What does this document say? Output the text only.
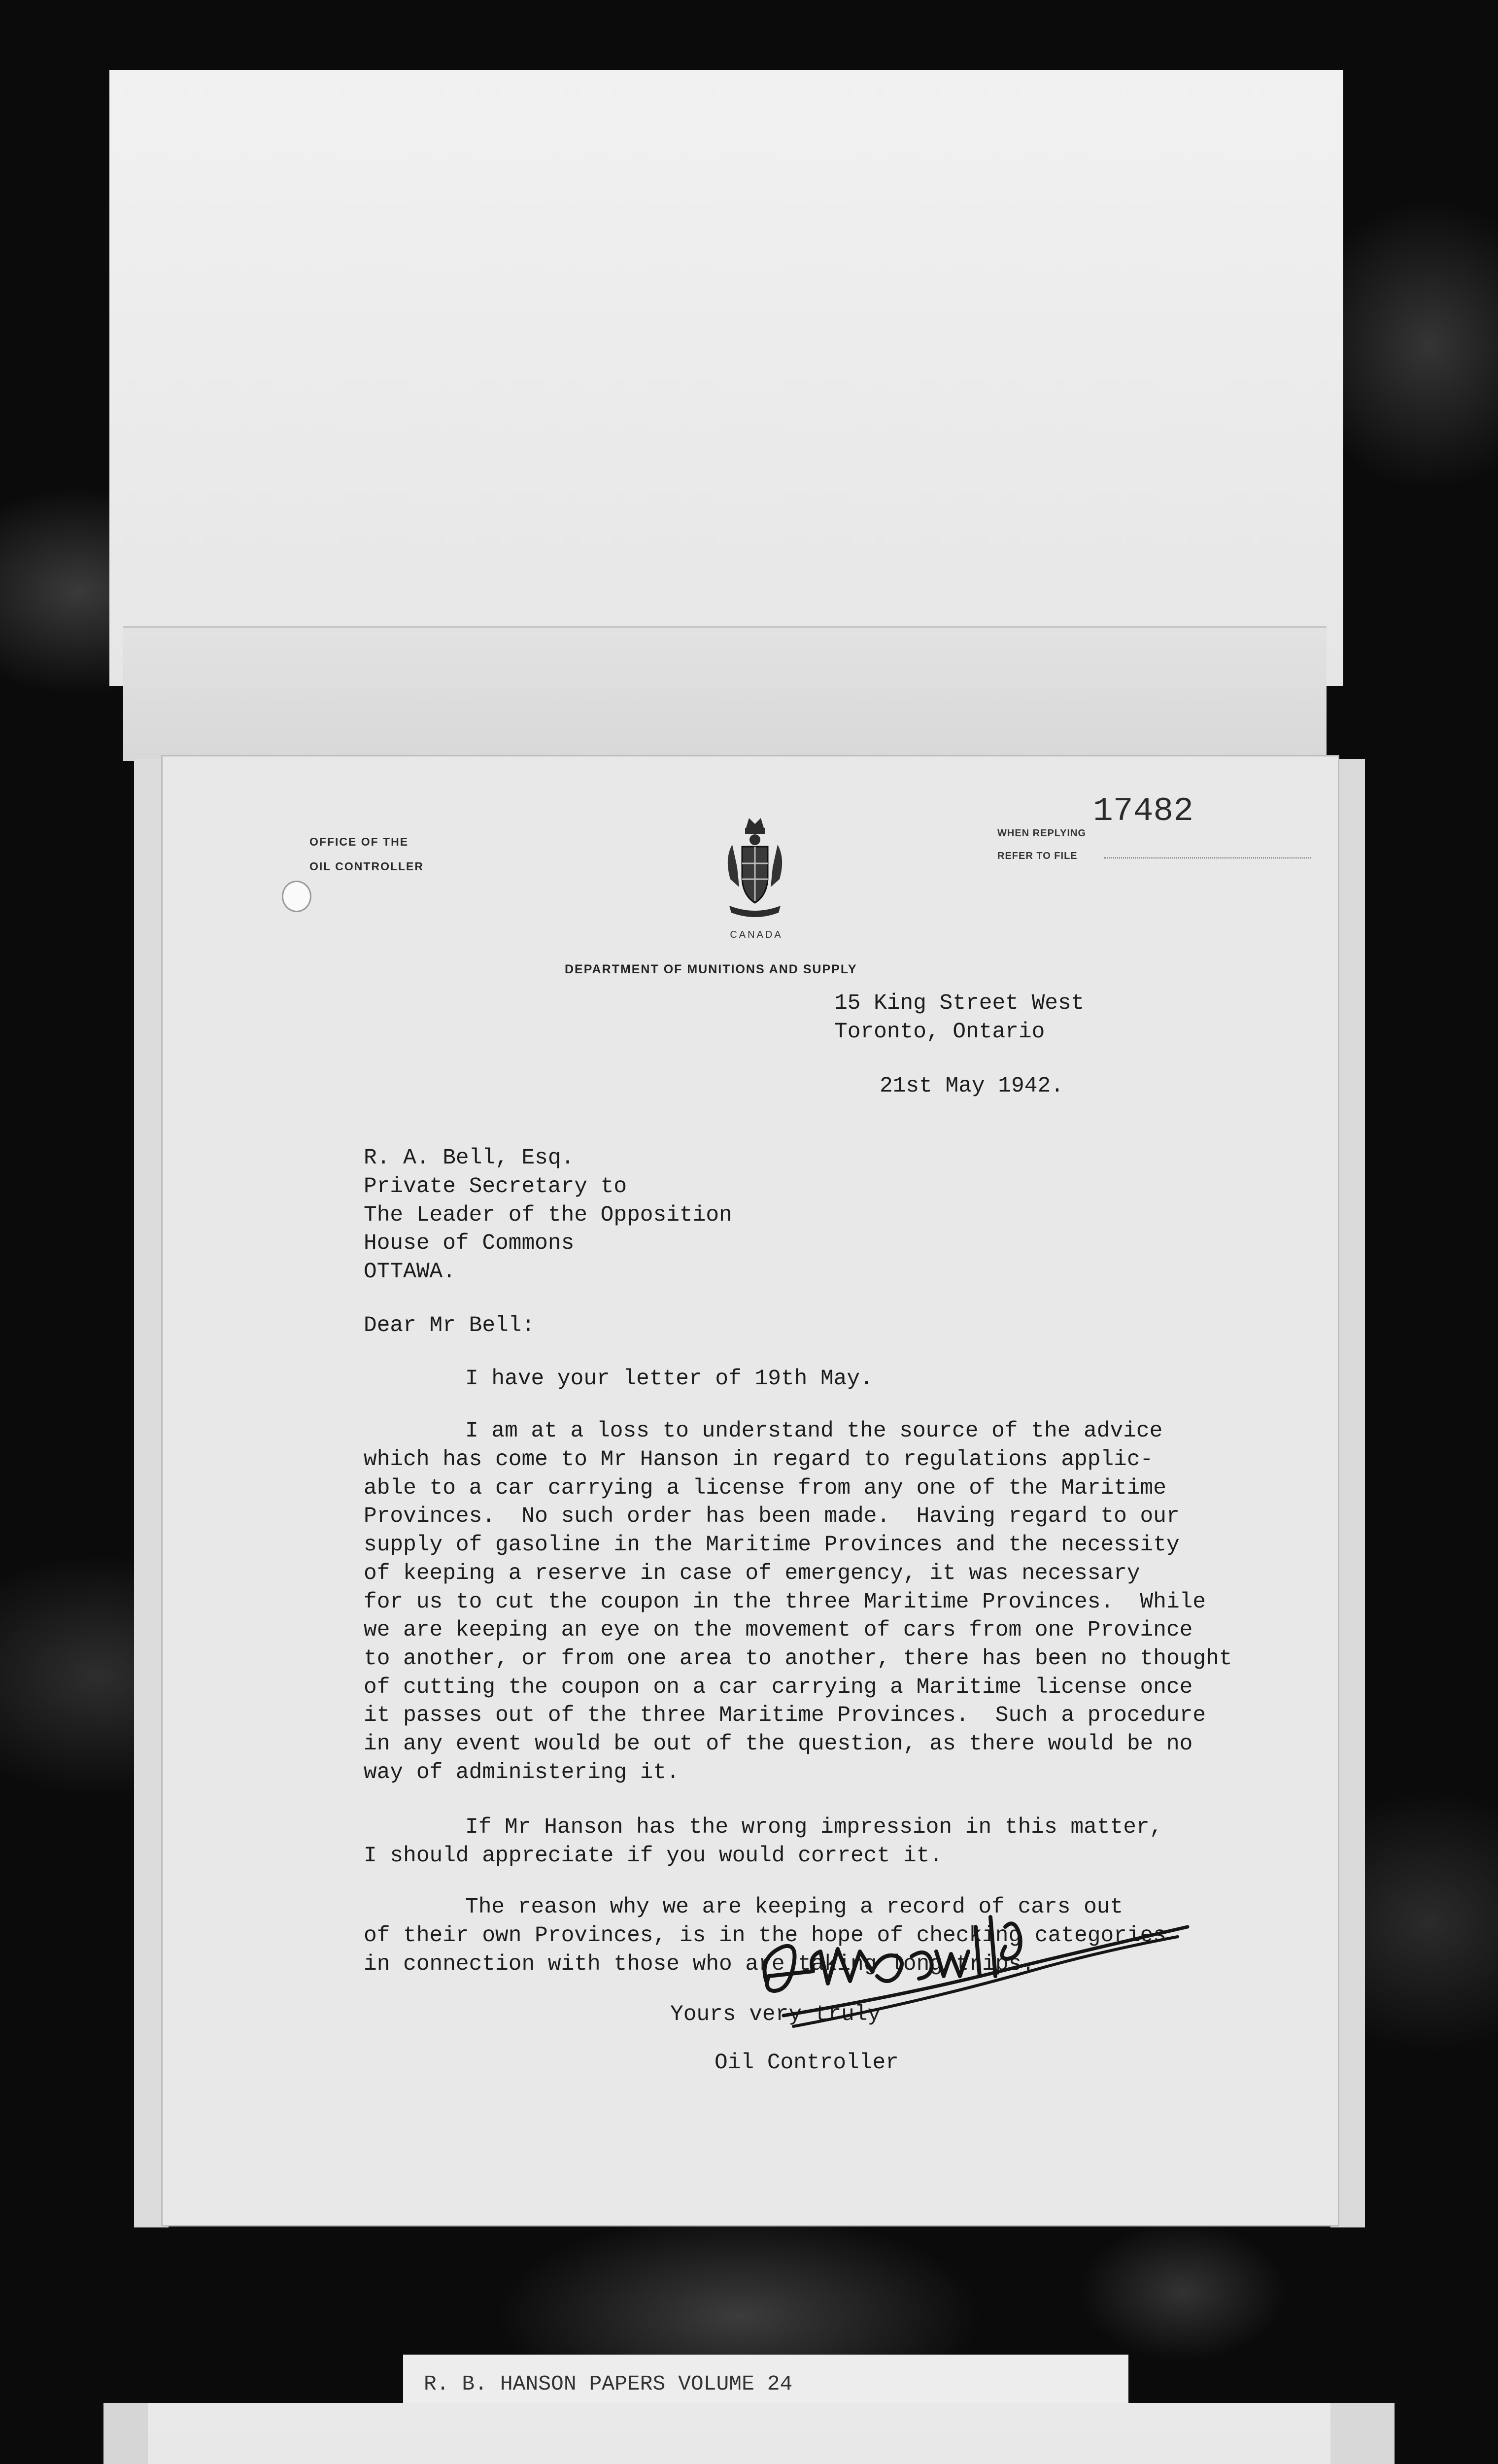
OFFICE OF THE
OIL CONTROLLER
CANADA
DEPARTMENT OF MUNITIONS AND SUPPLY
WHEN REPLYING
REFER TO FILE
17482
15 King Street West
Toronto, Ontario
21st May 1942.
R. A. Bell, Esq.
Private Secretary to
The Leader of the Opposition
House of Commons
OTTAWA.
Dear Mr Bell:
I have your letter of 19th May.
I am at a loss to understand the source of the advice
which has come to Mr Hanson in regard to regulations applic-
able to a car carrying a license from any one of the Maritime
Provinces.  No such order has been made.  Having regard to our
supply of gasoline in the Maritime Provinces and the necessity
of keeping a reserve in case of emergency, it was necessary
for us to cut the coupon in the three Maritime Provinces.  While
we are keeping an eye on the movement of cars from one Province
to another, or from one area to another, there has been no thought
of cutting the coupon on a car carrying a Maritime license once
it passes out of the three Maritime Provinces.  Such a procedure
in any event would be out of the question, as there would be no
way of administering it.
If Mr Hanson has the wrong impression in this matter,
I should appreciate if you would correct it.
The reason why we are keeping a record of cars out
of their own Provinces, is in the hope of checking categories
in connection with those who are taking long trips.
Yours very truly
Oil Controller
R. B. HANSON PAPERS VOLUME 24
